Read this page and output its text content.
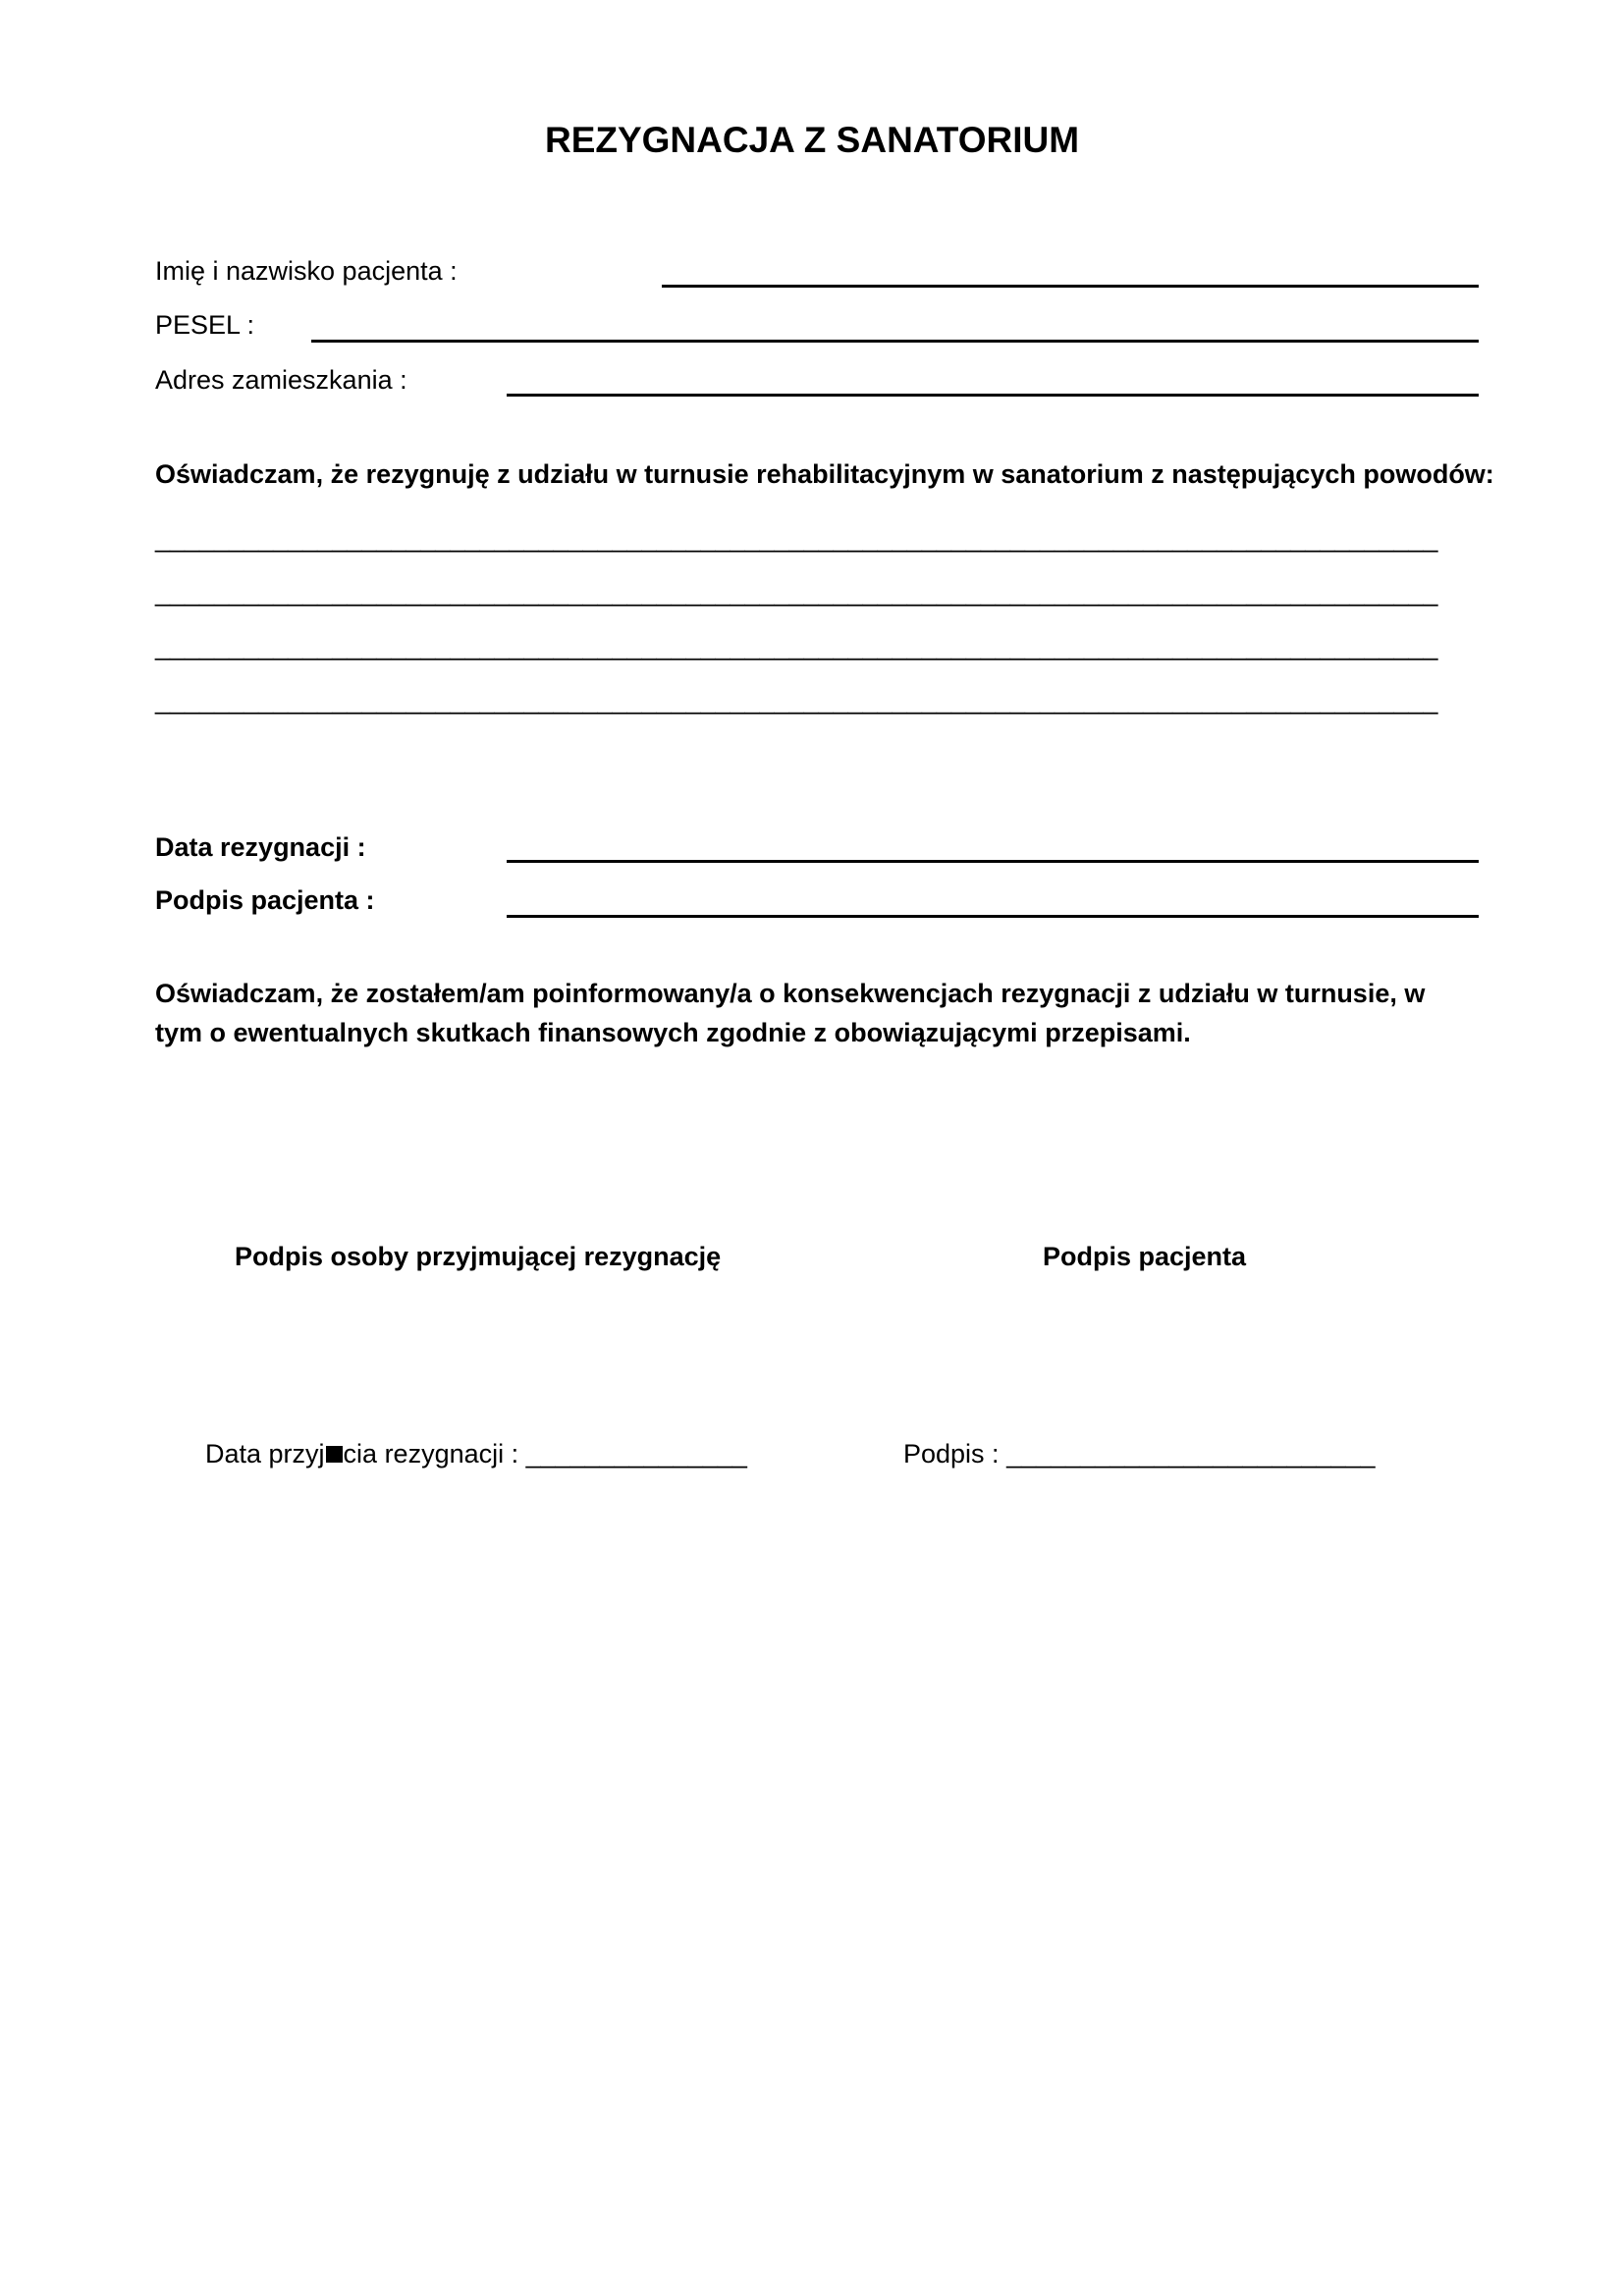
REZYGNACJA Z SANATORIUM
Imię i nazwisko pacjenta :
PESEL :
Adres zamieszkania :
Oświadczam, że rezygnuję z udziału w turnusie rehabilitacyjnym w sanatorium z następujących powodów:
_______________________________________________________________________________________
_______________________________________________________________________________________
_______________________________________________________________________________________
_______________________________________________________________________________________
Data rezygnacji :
Podpis pacjenta :
Oświadczam, że zostałem/am poinformowany/a o konsekwencjach rezygnacji z udziału w turnusie, w
tym o ewentualnych skutkach finansowych zgodnie z obowiązującymi przepisami.
Podpis osoby przyjmującej rezygnację	Podpis pacjenta
Data przyj cia rezygnacji : _______________	Podpis : _________________________
